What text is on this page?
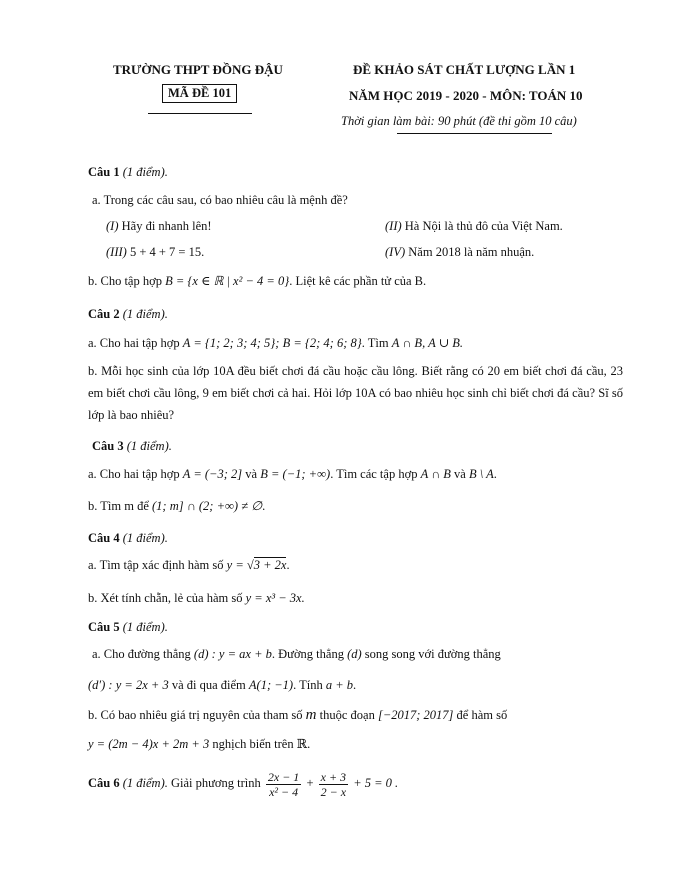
TRƯỜNG THPT ĐỒNG ĐẬU
MÃ ĐỀ 101
ĐỀ KHẢO SÁT CHẤT LƯỢNG LẦN 1
NĂM HỌC 2019 - 2020 - MÔN: TOÁN 10
Thời gian làm bài: 90 phút (đề thi gồm 10 câu)
Câu 1 (1 điểm).
a. Trong các câu sau, có bao nhiêu câu là mệnh đề?
(I) Hãy đi nhanh lên!	(II) Hà Nội là thủ đô của Việt Nam.
(III) 5 + 4 + 7 = 15.	(IV) Năm 2018 là năm nhuận.
b. Cho tập hợp B = {x ∈ ℝ | x² − 4 = 0}. Liệt kê các phần tử của B.
Câu 2 (1 điểm).
a. Cho hai tập hợp A = {1; 2; 3; 4; 5}; B = {2; 4; 6; 8}. Tìm A ∩ B, A ∪ B.
b. Mỗi học sinh của lớp 10A đều biết chơi đá cầu hoặc cầu lông. Biết rằng có 20 em biết chơi đá cầu, 23 em biết chơi cầu lông, 9 em biết chơi cả hai. Hỏi lớp 10A có bao nhiêu học sinh chỉ biết chơi đá cầu? Sĩ số lớp là bao nhiêu?
Câu 3 (1 điểm).
a. Cho hai tập hợp A = (−3; 2] và B = (−1; +∞). Tìm các tập hợp A ∩ B và B \ A.
b. Tìm m để (1; m] ∩ (2; +∞) ≠ ∅.
Câu 4 (1 điểm).
a. Tìm tập xác định hàm số y = √3 + 2x.
b. Xét tính chẵn, lẻ của hàm số y = x³ − 3x.
Câu 5 (1 điểm).
a. Cho đường thẳng (d) : y = ax + b. Đường thẳng (d) song song với đường thẳng
(d′) : y = 2x + 3 và đi qua điểm A(1; −1). Tính a + b.
b. Có bao nhiêu giá trị nguyên của tham số m thuộc đoạn [−2017; 2017] để hàm số
y = (2m − 4)x + 2m + 3 nghịch biến trên ℝ.
Câu 6 (1 điểm). Giải phương trình $\frac{2x - 1}{\text{x² − 4}} + \frac{x + 3}{2 - x} + 5 = 0$ .
